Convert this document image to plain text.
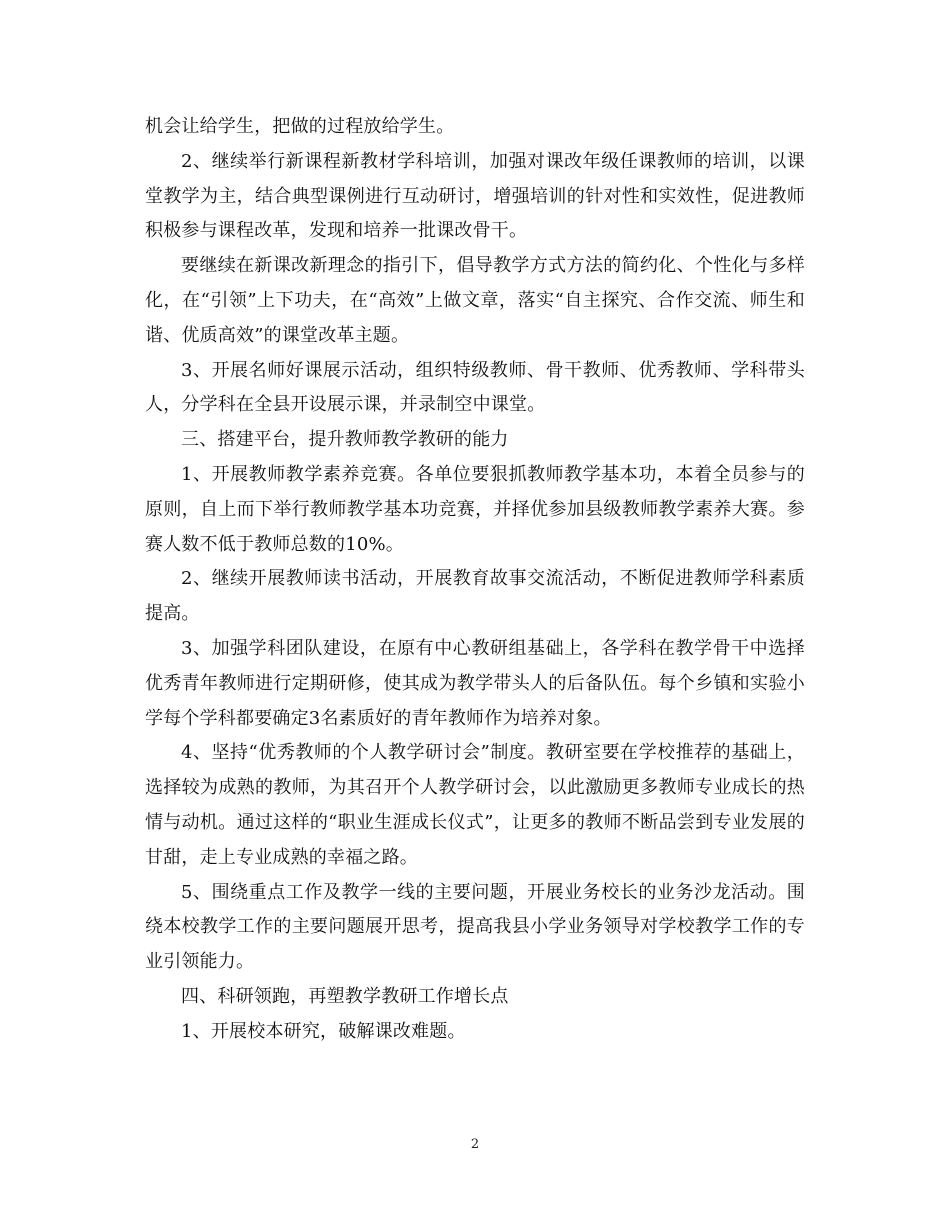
机会让给学生，把做的过程放给学生。

2、继续举行新课程新教材学科培训，加强对课改年级任课教师的培训，以课堂教学为主，结合典型课例进行互动研讨，增强培训的针对性和实效性，促进教师积极参与课程改革，发现和培养一批课改骨干。

要继续在新课改新理念的指引下，倡导教学方式方法的简约化、个性化与多样化，在“引领”上下功夫，在“高效”上做文章，落实“自主探究、合作交流、师生和谐、优质高效”的课堂改革主题。

3、开展名师好课展示活动，组织特级教师、骨干教师、优秀教师、学科带头人，分学科在全县开设展示课，并录制空中课堂。

三、搭建平台，提升教师教学教研的能力

1、开展教师教学素养竞赛。各单位要狠抓教师教学基本功，本着全员参与的原则，自上而下举行教师教学基本功竞赛，并择优参加县级教师教学素养大赛。参赛人数不低于教师总数的10%。

2、继续开展教师读书活动，开展教育故事交流活动，不断促进教师学科素质提高。

3、加强学科团队建设，在原有中心教研组基础上，各学科在教学骨干中选择优秀青年教师进行定期研修，使其成为教学带头人的后备队伍。每个乡镇和实验小学每个学科都要确定3名素质好的青年教师作为培养对象。

4、坚持“优秀教师的个人教学研讨会”制度。教研室要在学校推荐的基础上，选择较为成熟的教师，为其召开个人教学研讨会，以此激励更多教师专业成长的热情与动机。通过这样的“职业生涯成长仪式”，让更多的教师不断品尝到专业发展的甘甜，走上专业成熟的幸福之路。

5、围绕重点工作及教学一线的主要问题，开展业务校长的业务沙龙活动。围绕本校教学工作的主要问题展开思考，提高我县小学业务领导对学校教学工作的专业引领能力。

四、科研领跑，再塑教学教研工作增长点

1、开展校本研究，破解课改难题。

2
